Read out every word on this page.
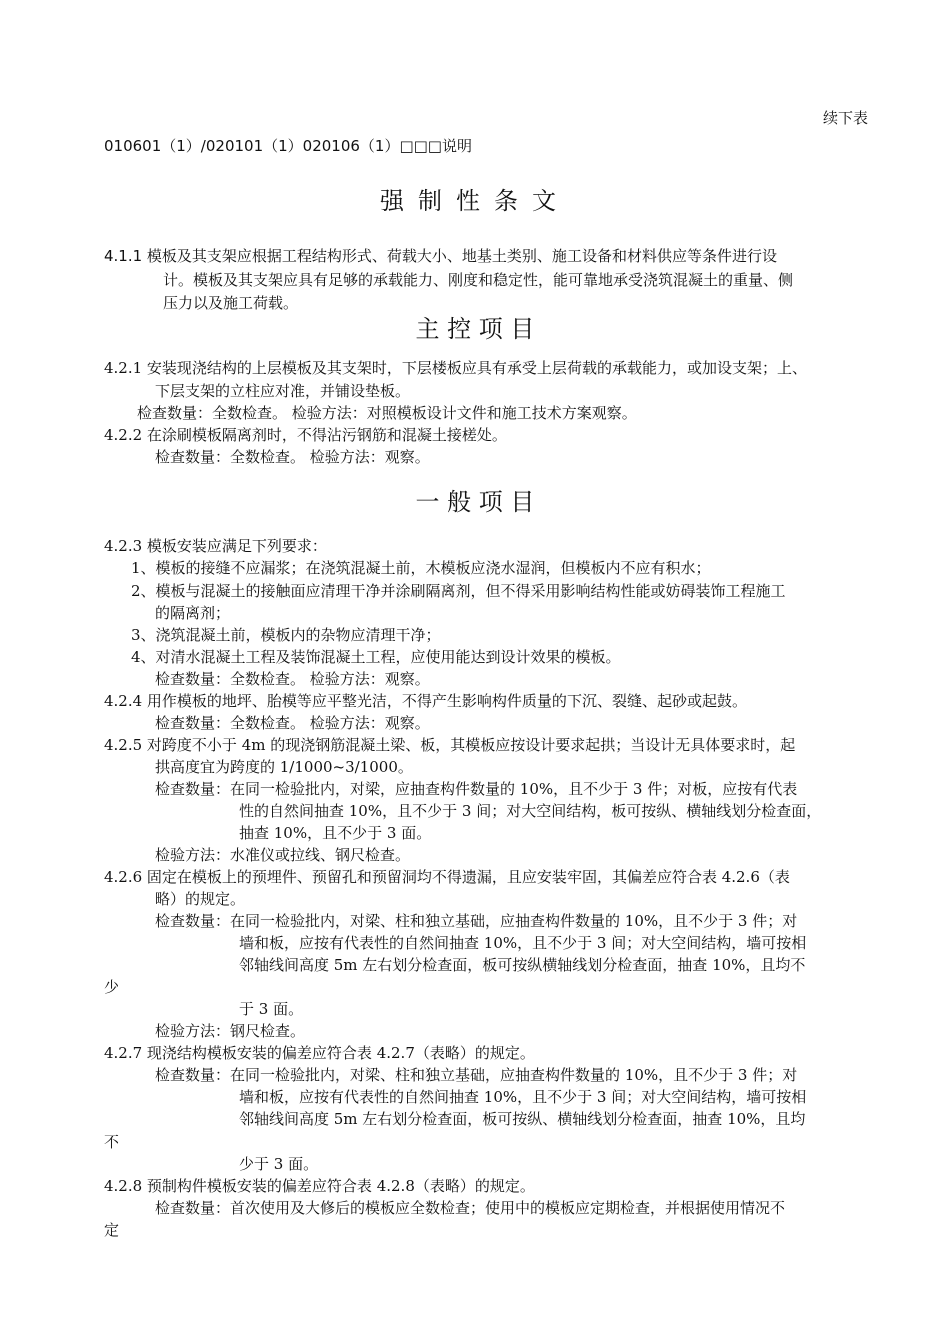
续下表
010601（1）/020101（1）020106（1）□□□说明
强制性条文
4.1.1 模板及其支架应根据工程结构形式、荷载大小、地基土类别、施工设备和材料供应等条件进行设
计。模板及其支架应具有足够的承载能力、刚度和稳定性，能可靠地承受浇筑混凝土的重量、侧
压力以及施工荷载。
主 控 项 目
4.2.1 安装现浇结构的上层模板及其支架时，下层楼板应具有承受上层荷载的承载能力，或加设支架；上、
下层支架的立柱应对准，并铺设垫板。
检查数量：全数检查。 检验方法：对照模板设计文件和施工技术方案观察。
4.2.2 在涂刷模板隔离剂时，不得沾污钢筋和混凝土接槎处。
检查数量：全数检查。 检验方法：观察。
一 般 项 目
4.2.3 模板安装应满足下列要求：
1、模板的接缝不应漏浆；在浇筑混凝土前，木模板应浇水湿润，但模板内不应有积水；
2、模板与混凝土的接触面应清理干净并涂刷隔离剂，但不得采用影响结构性能或妨碍装饰工程施工
的隔离剂；
3、浇筑混凝土前，模板内的杂物应清理干净；
4、对清水混凝土工程及装饰混凝土工程，应使用能达到设计效果的模板。
检查数量：全数检查。 检验方法：观察。
4.2.4 用作模板的地坪、胎模等应平整光洁，不得产生影响构件质量的下沉、裂缝、起砂或起鼓。
检查数量：全数检查。 检验方法：观察。
4.2.5 对跨度不小于 4m 的现浇钢筋混凝土梁、板，其模板应按设计要求起拱；当设计无具体要求时，起
拱高度宜为跨度的 1/1000~3/1000。
检查数量：在同一检验批内，对梁，应抽查构件数量的 10%，且不少于 3 件；对板，应按有代表
性的自然间抽查 10%，且不少于 3 间；对大空间结构，板可按纵、横轴线划分检查面，
抽查 10%，且不少于 3 面。
检验方法：水准仪或拉线、钢尺检查。
4.2.6 固定在模板上的预埋件、预留孔和预留洞均不得遗漏，且应安装牢固，其偏差应符合表 4.2.6（表
略）的规定。
检查数量：在同一检验批内，对梁、柱和独立基础，应抽查构件数量的 10%，且不少于 3 件；对
墙和板，应按有代表性的自然间抽查 10%，且不少于 3 间；对大空间结构，墙可按相
邻轴线间高度 5m 左右划分检查面，板可按纵横轴线划分检查面，抽查 10%，且均不
少
于 3 面。
检验方法：钢尺检查。
4.2.7 现浇结构模板安装的偏差应符合表 4.2.7（表略）的规定。
检查数量：在同一检验批内，对梁、柱和独立基础，应抽查构件数量的 10%，且不少于 3 件；对
墙和板，应按有代表性的自然间抽查 10%，且不少于 3 间；对大空间结构，墙可按相
邻轴线间高度 5m 左右划分检查面，板可按纵、横轴线划分检查面，抽查 10%，且均
不
少于 3 面。
4.2.8 预制构件模板安装的偏差应符合表 4.2.8（表略）的规定。
检查数量：首次使用及大修后的模板应全数检查；使用中的模板应定期检查，并根据使用情况不
定
